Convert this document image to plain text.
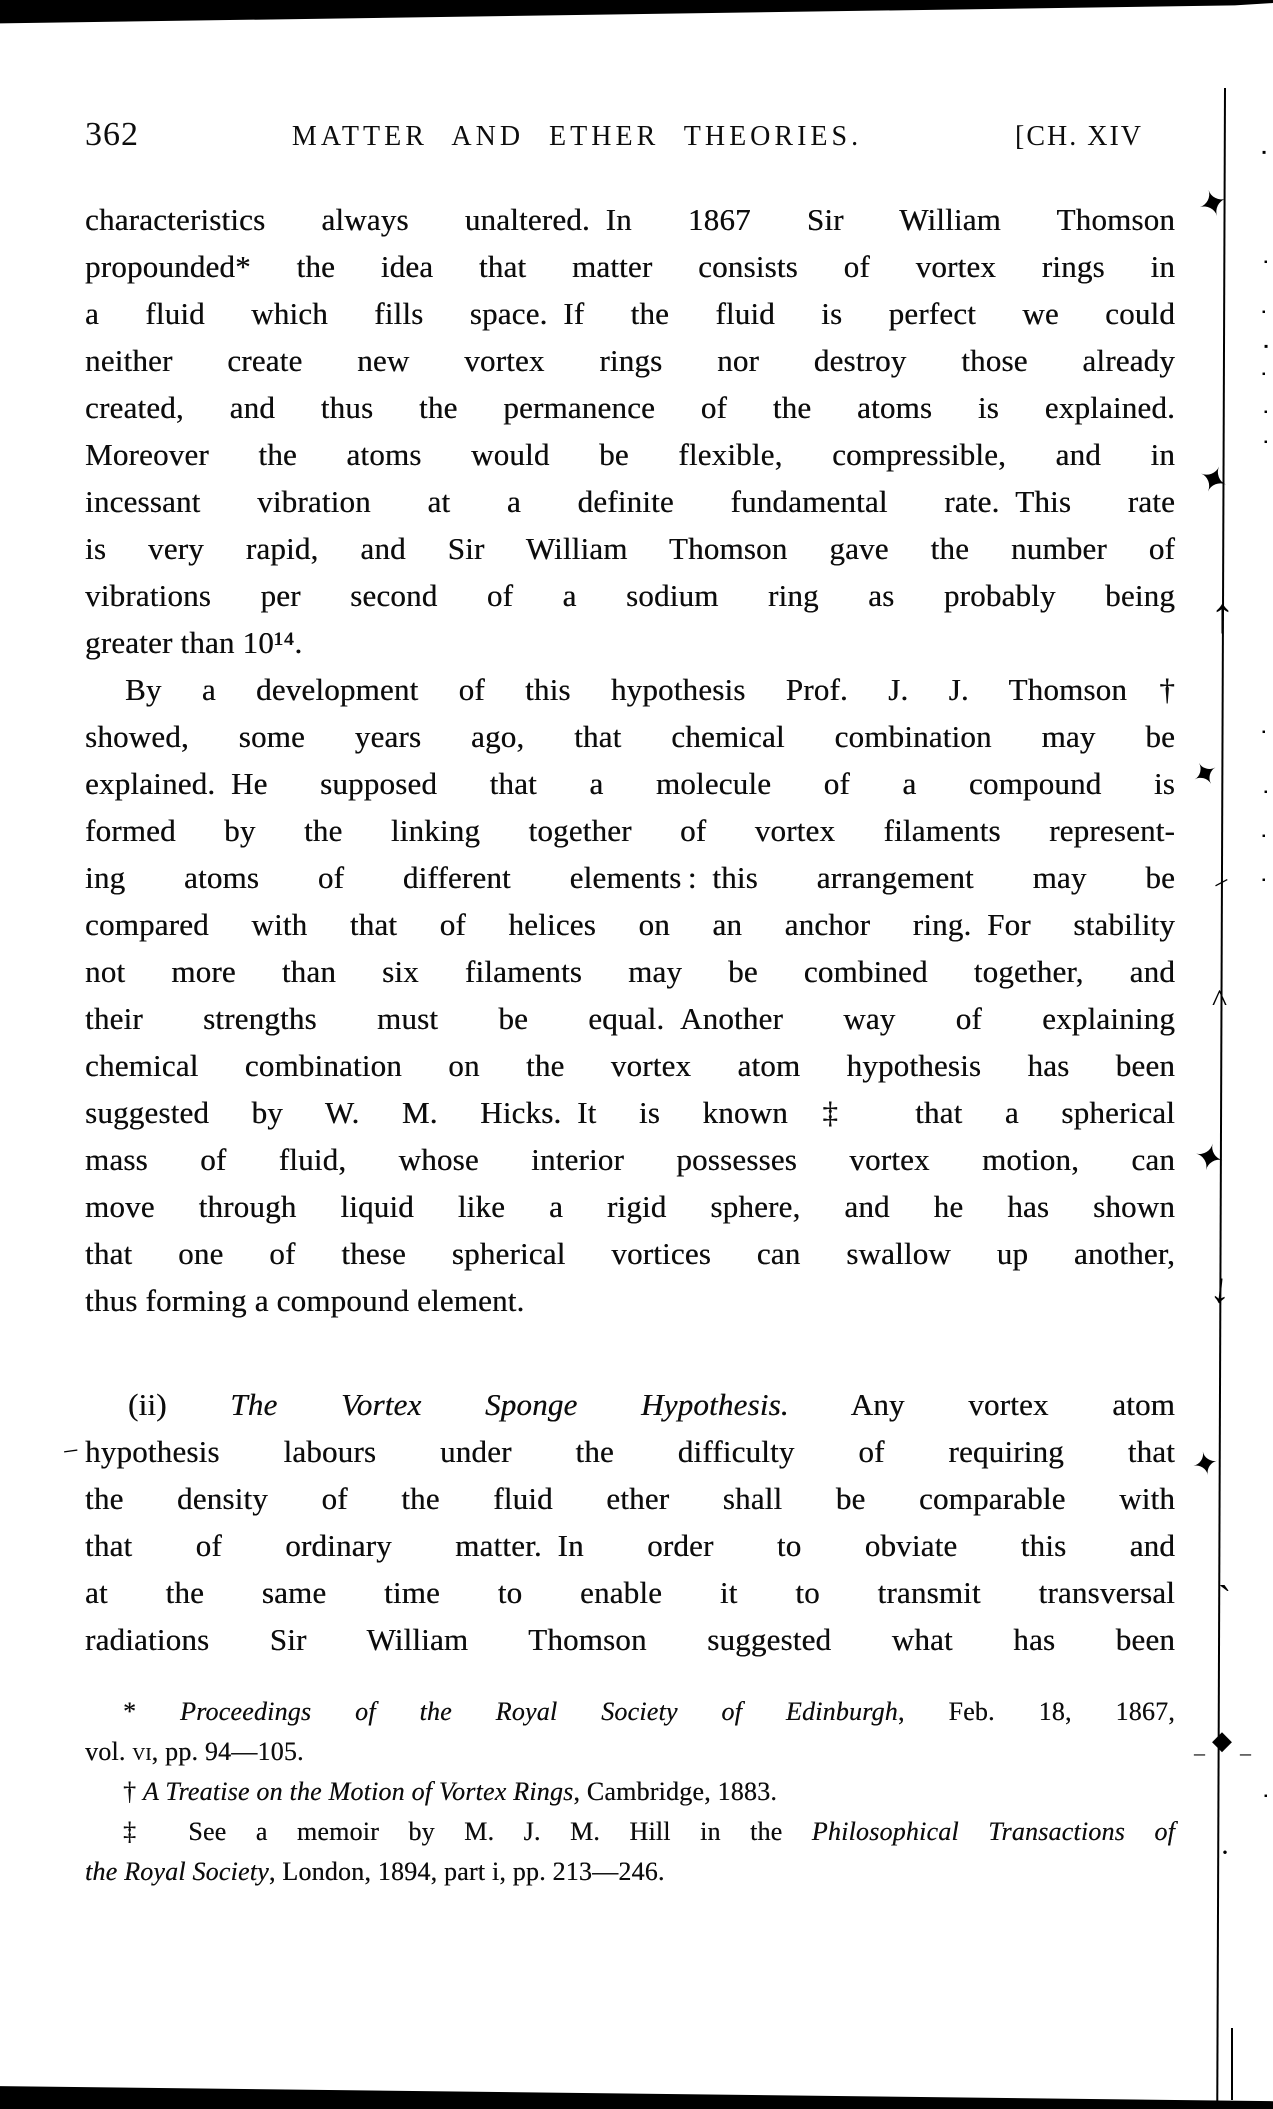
✦
✦
↑
✦
–
^
✦
↓
✦
`
– ◆ –
·
–
▪
▪
▪
▪
▪
▪
▪
▪
▪
▪
▪
▪
362	MATTER AND ETHER THEORIES.	[CH. XIV
characteristics always unaltered. In 1867 Sir William Thomson
propounded* the idea that matter consists of vortex rings in
a fluid which fills space. If the fluid is perfect we could
neither create new vortex rings nor destroy those already
created, and thus the permanence of the atoms is explained.
Moreover the atoms would be flexible, compressible, and in
incessant vibration at a definite fundamental rate. This rate
is very rapid, and Sir William Thomson gave the number of
vibrations per second of a sodium ring as probably being
greater than 10¹⁴.
By a development of this hypothesis Prof. J. J. Thomson†
showed, some years ago, that chemical combination may be
explained. He supposed that a molecule of a compound is
formed by the linking together of vortex filaments represent-
ing atoms of different elements : this arrangement may be
compared with that of helices on an anchor ring. For stability
not more than six filaments may be combined together, and
their strengths must be equal. Another way of explaining
chemical combination on the vortex atom hypothesis has been
suggested by W. M. Hicks. It is known‡ that a spherical
mass of fluid, whose interior possesses vortex motion, can
move through liquid like a rigid sphere, and he has shown
that one of these spherical vortices can swallow up another,
thus forming a compound element.
(ii) The Vortex Sponge Hypothesis. Any vortex atom
hypothesis labours under the difficulty of requiring that
the density of the fluid ether shall be comparable with
that of ordinary matter. In order to obviate this and
at the same time to enable it to transmit transversal
radiations Sir William Thomson suggested what has been
* Proceedings of the Royal Society of Edinburgh, Feb. 18, 1867,
vol. vi, pp. 94—105.
† A Treatise on the Motion of Vortex Rings, Cambridge, 1883.
‡ See a memoir by M. J. M. Hill in the Philosophical Transactions of
the Royal Society, London, 1894, part i, pp. 213—246.
